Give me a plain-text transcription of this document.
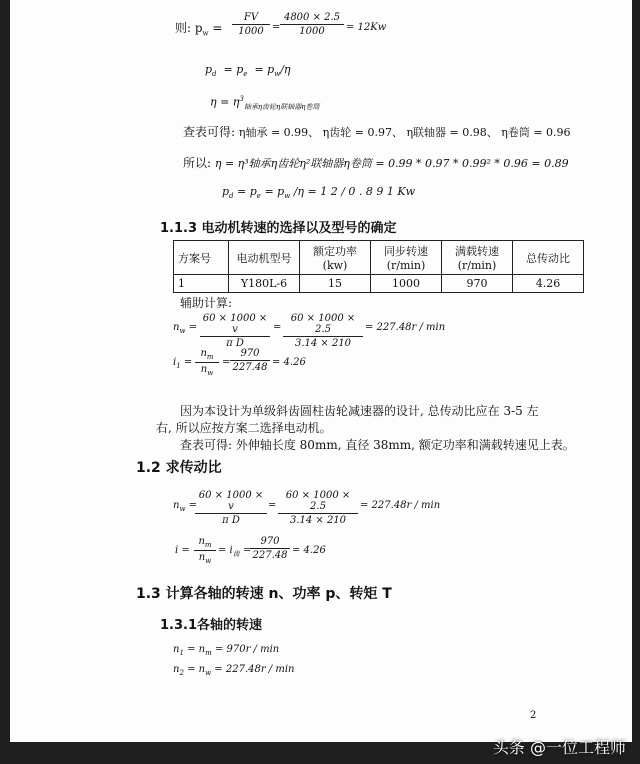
则: $p_w = \frac{FV}{1000} = \frac{4800 \times 2.5}{1000} = 12Kw$
$p_d = p_e = p_w/\eta$
$\eta = \eta^3_{轴承\eta 齿轮\eta 联轴器\eta 卷筒}$
查表可得: η轴承 = 0.99、 η齿轮 = 0.97、 η联轴器 = 0.98、 η卷筒 = 0.96
所以: η = η³轴承η齿轮η²联轴器η卷筒 = 0.99 * 0.97 * 0.99² * 0.96 = 0.89
$p_d = p_e = p_w$ /η = 1 2 / 0 . 8 9 1 Kw
1.1.3 电动机转速的选择以及型号的确定
方案号	电动机型号	额定功率(kw)	同步转速(r/min)	满载转速(r/min)	总传动比
1	Y180L-6	15	1000	970	4.26
辅助计算:
$n_w = \frac{60 \times 1000 \times v}{\text{π D}} = \frac{60 \times 1000 \times 2.5}{3.14 \times 210} = 227.48r / \min$
$i_1 = \frac{n_m}{n_w} = \frac{970}{227.48} = 4.26$
因为本设计为单级斜齿圆柱齿轮减速器的设计, 总传动比应在 3-5 左
右, 所以应按方案二选择电动机。
查表可得: 外伸轴长度 80mm, 直径 38mm, 额定功率和满载转速见上表。
1.2 求传动比
$n_w$ =
$\frac{60 \times 1000 \times v}{\text{π D}} = \frac{60 \times 1000 \times 2.5}{3.14 \times 210} = 227.48r / \min$
$i = \frac{n_m}{n_w} = i_齿$ =
$\frac{970}{227.48} = 4.26$
1.3 计算各轴的转速 n、功率 p、转矩 T
1.3.1各轴的转速
$n_1 = n_m = 970r / \min$
$n_2 = n_w = 227.48r / \min$
2
头条 @一位工程师
